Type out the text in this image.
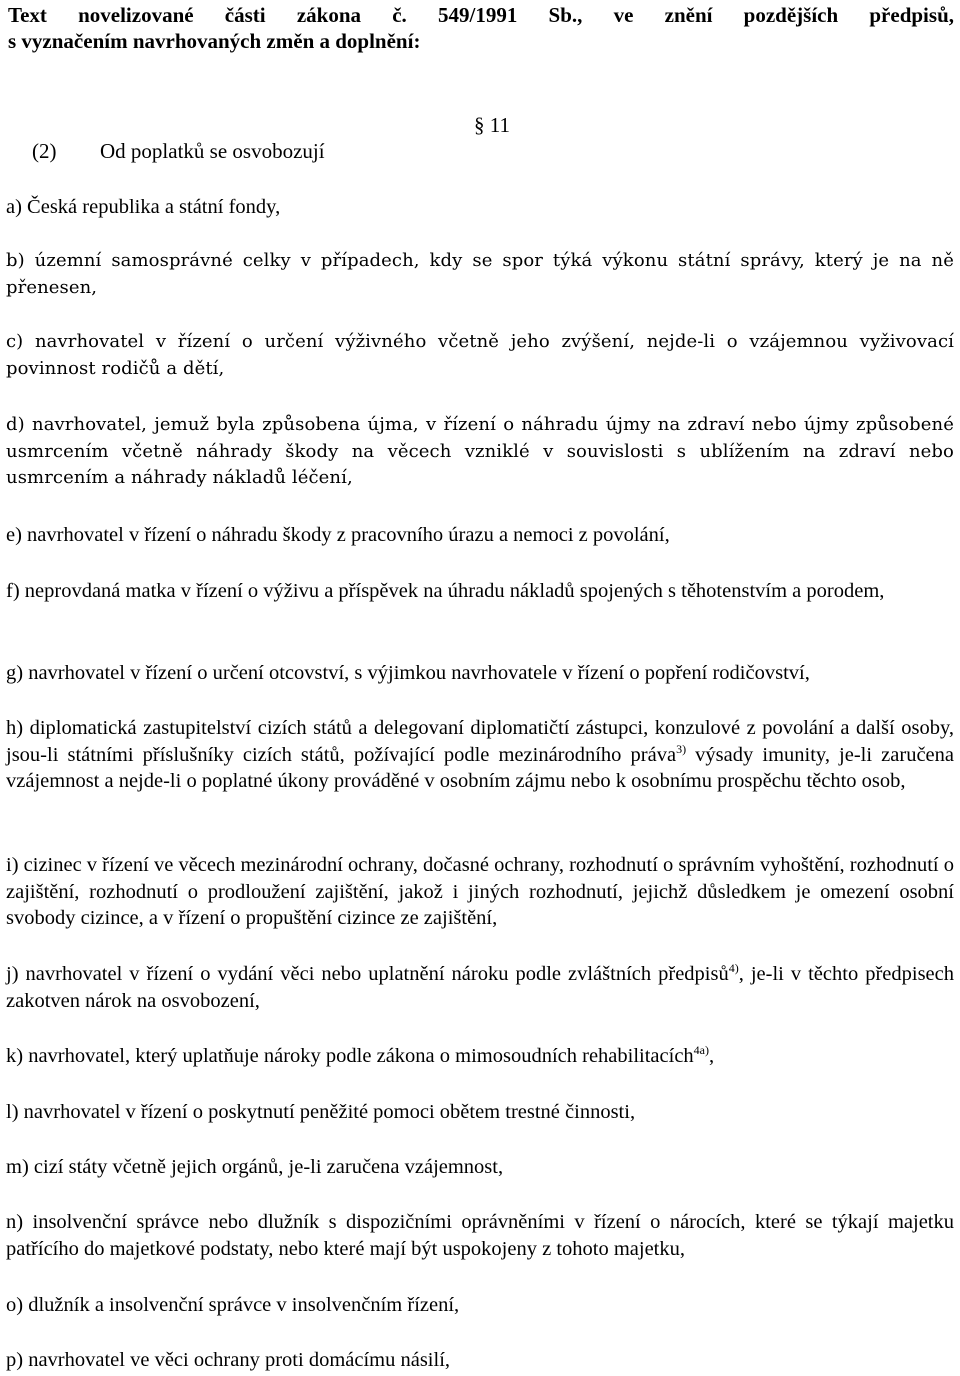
Text novelizované části zákona č. 549/1991 Sb., ve znění pozdějších předpisů,
s vyznačením navrhovaných změn a doplnění:
§ 11
(2) Od poplatků se osvobozují
a) Česká republika a státní fondy,
b) územní samosprávné celky v případech, kdy se spor týká výkonu státní správy, který je na ně přenesen,
c) navrhovatel v řízení o určení výživného včetně jeho zvýšení, nejde-li o vzájemnou vyživovací povinnost rodičů a dětí,
d) navrhovatel, jemuž byla způsobena újma, v řízení o náhradu újmy na zdraví nebo újmy způsobené usmrcením včetně náhrady škody na věcech vzniklé v souvislosti s ublížením na zdraví nebo usmrcením a náhrady nákladů léčení,
e) navrhovatel v řízení o náhradu škody z pracovního úrazu a nemoci z povolání,
f) neprovdaná matka v řízení o výživu a příspěvek na úhradu nákladů spojených s těhotenstvím a porodem,
g) navrhovatel v řízení o určení otcovství, s výjimkou navrhovatele v řízení o popření rodičovství,
h) diplomatická zastupitelství cizích států a delegovaní diplomatičtí zástupci, konzulové z povolání a další osoby, jsou-li státními příslušníky cizích států, požívající podle mezinárodního práva$^{3)}$ výsady imunity, je-li zaručena vzájemnost a nejde-li o poplatné úkony prováděné v osobním zájmu nebo k osobnímu prospěchu těchto osob,
i) cizinec v řízení ve věcech mezinárodní ochrany, dočasné ochrany, rozhodnutí o správním vyhoštění, rozhodnutí o zajištění, rozhodnutí o prodloužení zajištění, jakož i jiných rozhodnutí, jejichž důsledkem je omezení osobní svobody cizince, a v řízení o propuštění cizince ze zajištění,
j) navrhovatel v řízení o vydání věci nebo uplatnění nároku podle zvláštních předpisů$^{4)}$, je-li v těchto předpisech zakotven nárok na osvobození,
k) navrhovatel, který uplatňuje nároky podle zákona o mimosoudních rehabilitacích$^{4a)}$,
l) navrhovatel v řízení o poskytnutí peněžité pomoci obětem trestné činnosti,
m) cizí státy včetně jejich orgánů, je-li zaručena vzájemnost,
n) insolvenční správce nebo dlužník s dispozičními oprávněními v řízení o nárocích, které se týkají majetku patřícího do majetkové podstaty, nebo které mají být uspokojeny z tohoto majetku,
o) dlužník a insolvenční správce v insolvenčním řízení,
p) navrhovatel ve věci ochrany proti domácímu násilí,
